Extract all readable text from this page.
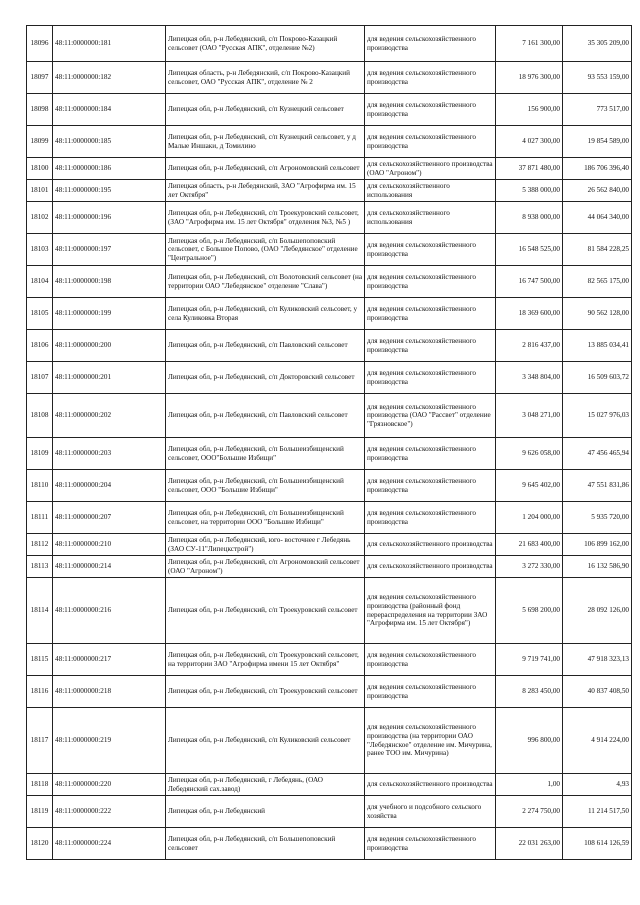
18096	48:11:0000000:181	Липецкая обл, р-н Лебедянский, с/п Покрово-Казацкий сельсовет (ОАО "Русская АПК", отделение №2)	для ведения сельскохозяйственного производства	7 161 300,00	35 305 209,00
18097	48:11:0000000:182	Липецкая область, р-н Лебедянский, с/п Покрово-Казацкий сельсовет, ОАО "Русская АПК", отделение № 2	для ведения сельскохозяйственного производства	18 976 300,00	93 553 159,00
18098	48:11:0000000:184	Липецкая обл, р-н Лебедянский, с/п Кузнецкий сельсовет	для ведения сельскохозяйственного производства	156 900,00	773 517,00
18099	48:11:0000000:185	Липецкая обл, р-н Лебедянский, с/п Кузнецкий сельсовет, у д Малые Иншаки, д Томилино	для ведения сельскохозяйственного производства	4 027 300,00	19 854 589,00
18100	48:11:0000000:186	Липецкая обл, р-н Лебедянский, с/п Агрономовский сельсовет	для сельскохозяйственного производства (ОАО "Агроном")	37 871 480,00	186 706 396,40
18101	48:11:0000000:195	Липецкая область, р-н Лебедянский, ЗАО "Агрофирма им. 15 лет Октября"	для сельскохозяйственного использования	5 388 000,00	26 562 840,00
18102	48:11:0000000:196	Липецкая обл, р-н Лебедянский, с/п Троекуровский сельсовет, (ЗАО "Агрофирма им. 15 лет Октября" отделения №3, №5 )	для сельскохозяйственного использования	8 938 000,00	44 064 340,00
18103	48:11:0000000:197	Липецкая обл, р-н Лебедянский, с/п Большепоповский сельсовет, с Большое Попово, (ОАО "Лебедянское" отделение "Центральное")	для ведения сельскохозяйственного производства	16 548 525,00	81 584 228,25
18104	48:11:0000000:198	Липецкая обл, р-н Лебедянский, с/п Волотовский сельсовет (на территории ОАО "Лебедянское" отделение "Слава")	для ведения сельскохозяйственного производства	16 747 500,00	82 565 175,00
18105	48:11:0000000:199	Липецкая обл, р-н Лебедянский, с/п Куликовский сельсовет, у села Куликовка Вторая	для ведения сельскохозяйственного производства	18 369 600,00	90 562 128,00
18106	48:11:0000000:200	Липецкая обл, р-н Лебедянский, с/п Павловский сельсовет	для ведения сельскохозяйственного производства	2 816 437,00	13 885 034,41
18107	48:11:0000000:201	Липецкая обл, р-н Лебедянский, с/п Докторовский сельсовет	для ведения сельскохозяйственного производства	3 348 804,00	16 509 603,72
18108	48:11:0000000:202	Липецкая обл, р-н Лебедянский, с/п Павловский сельсовет	для ведения сельскохозяйственного производства (ОАО "Рассвет" отделение "Грязновское")	3 048 271,00	15 027 976,03
18109	48:11:0000000:203	Липецкая обл, р-н Лебедянский, с/п Большеизбищенский сельсовет, ООО"Большие Избищи"	для ведения сельскохозяйственного производства	9 626 058,00	47 456 465,94
18110	48:11:0000000:204	Липецкая обл, р-н Лебедянский, с/п Большеизбищенский сельсовет, ООО "Большие Избищи"	для ведения сельскохозяйственного производства	9 645 402,00	47 551 831,86
18111	48:11:0000000:207	Липецкая обл, р-н Лебедянский, с/п Большеизбищенский сельсовет, на территории ООО "Большие Избищи"	для ведения сельскохозяйственного производства	1 204 000,00	5 935 720,00
18112	48:11:0000000:210	Липецкая обл, р-н Лебедянский, юго- восточнее г Лебедянь (ЗАО СУ-11"Липецкстрой")	для сельскохозяйственного производства	21 683 400,00	106 899 162,00
18113	48:11:0000000:214	Липецкая обл, р-н Лебедянский, с/п Агрономовский сельсовет (ОАО "Агроном")	для сельскохозяйственного производства	3 272 330,00	16 132 586,90
18114	48:11:0000000:216	Липецкая обл, р-н Лебедянский, с/п Троекуровский сельсовет	для ведения сельскохозяйственного производства (районный фонд перераспределения на территории ЗАО "Агрофирма им. 15 лет Октября")	5 698 200,00	28 092 126,00
18115	48:11:0000000:217	Липецкая обл, р-н Лебедянский, с/п Троекуровский сельсовет, на территории ЗАО "Агрофирма имени 15 лет Октября"	для ведения сельскохозяйственного производства	9 719 741,00	47 918 323,13
18116	48:11:0000000:218	Липецкая обл, р-н Лебедянский, с/п Троекуровский сельсовет	для ведения сельскохозяйственного производства	8 283 450,00	40 837 408,50
18117	48:11:0000000:219	Липецкая обл, р-н Лебедянский, с/п Куликовский сельсовет	для ведения сельскохозяйственного производства (на территории ОАО "Лебедянское" отделение им. Мичурина, ранее ТОО им. Мичурина)	996 800,00	4 914 224,00
18118	48:11:0000000:220	Липецкая обл, р-н Лебедянский, г Лебедянь, (ОАО Лебедянский сах.завод)	для сельскохозяйственного производства	1,00	4,93
18119	48:11:0000000:222	Липецкая обл, р-н Лебедянский	для учебного и подсобного сельского хозяйства	2 274 750,00	11 214 517,50
18120	48:11:0000000:224	Липецкая обл, р-н Лебедянский, с/п Большепоповский сельсовет	для ведения сельскохозяйственного производства	22 031 263,00	108 614 126,59
